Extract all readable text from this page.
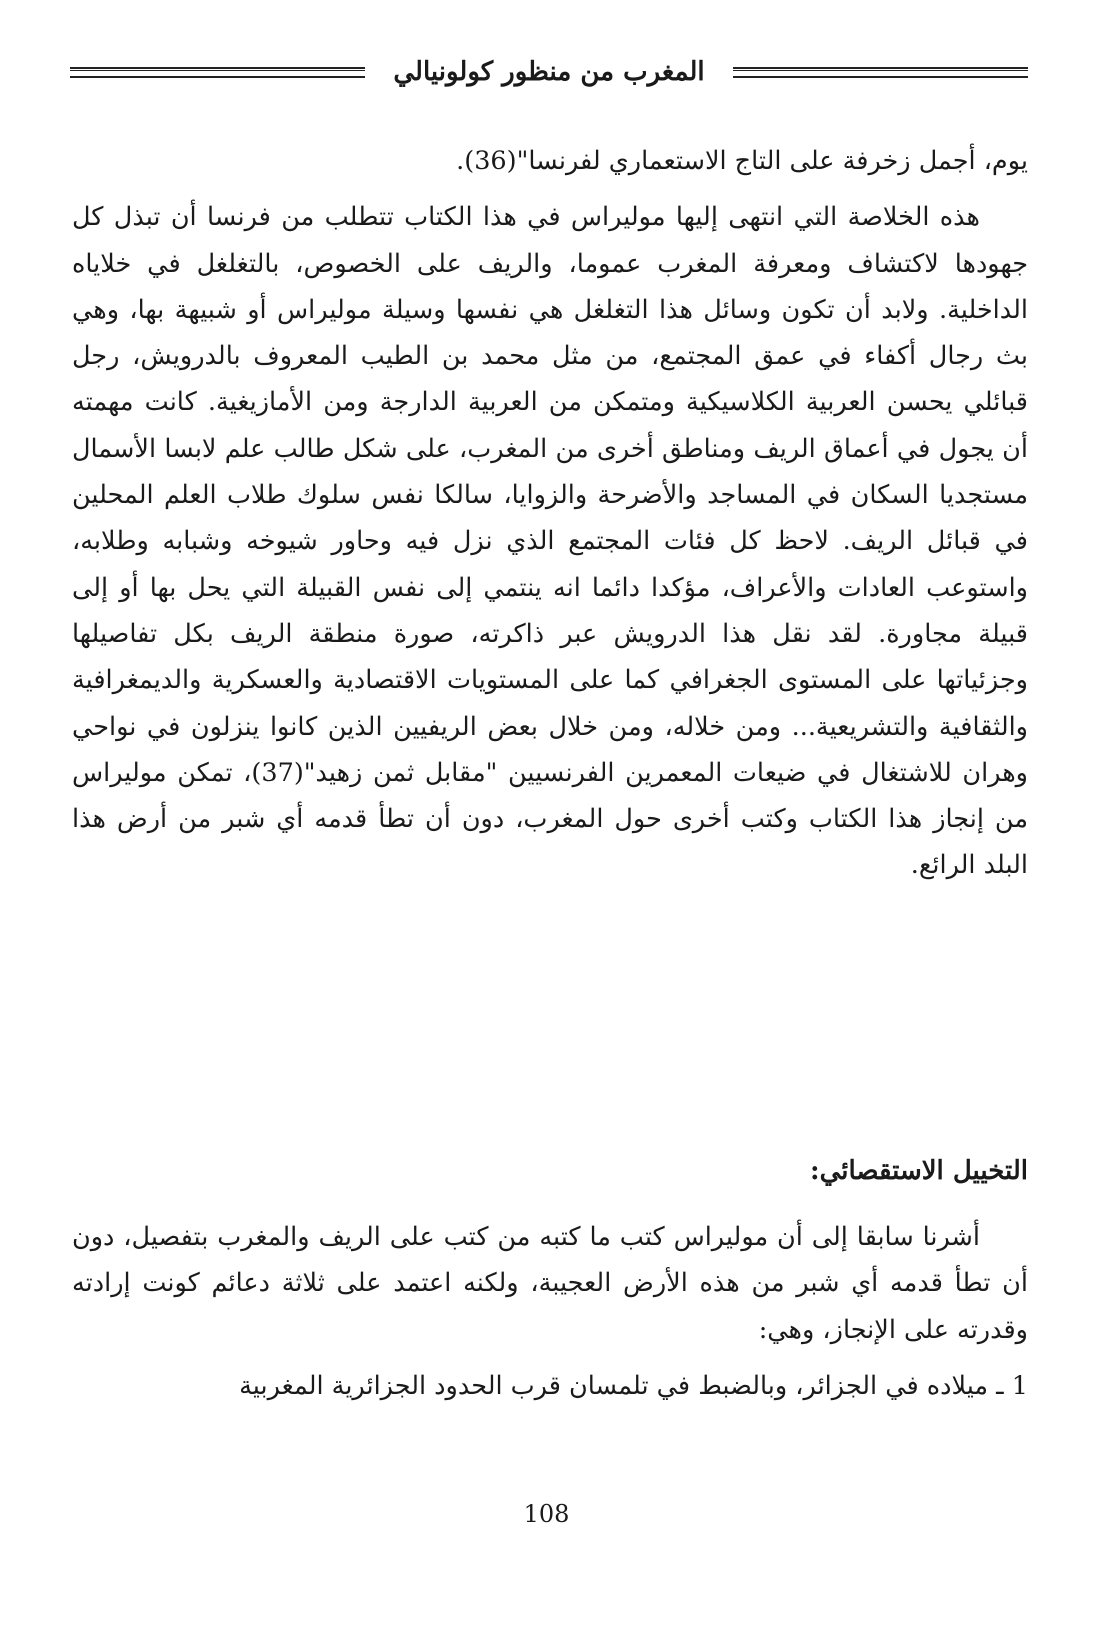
المغرب من منظور كولونيالي

يوم، أجمل زخرفة على التاج الاستعماري لفرنسا"(36).

هذه الخلاصة التي انتهى إليها موليراس في هذا الكتاب تتطلب من فرنسا أن تبذل كل جهودها لاكتشاف ومعرفة المغرب عموما، والريف على الخصوص، بالتغلغل في خلاياه الداخلية. ولابد أن تكون وسائل هذا التغلغل هي نفسها وسيلة موليراس أو شبيهة بها، وهي بث رجال أكفاء في عمق المجتمع، من مثل محمد بن الطيب المعروف بالدرويش، رجل قبائلي يحسن العربية الكلاسيكية ومتمكن من العربية الدارجة ومن الأمازيغية. كانت مهمته أن يجول في أعماق الريف ومناطق أخرى من المغرب، على شكل طالب علم لابسا الأسمال مستجديا السكان في المساجد والأضرحة والزوايا، سالكا نفس سلوك طلاب العلم المحلين في قبائل الريف. لاحظ كل فئات المجتمع الذي نزل فيه وحاور شيوخه وشبابه وطلابه، واستوعب العادات والأعراف، مؤكدا دائما انه ينتمي إلى نفس القبيلة التي يحل بها أو إلى قبيلة مجاورة. لقد نقل هذا الدرويش عبر ذاكرته، صورة منطقة الريف بكل تفاصيلها وجزئياتها على المستوى الجغرافي كما على المستويات الاقتصادية والعسكرية والديمغرافية والثقافية والتشريعية... ومن خلاله، ومن خلال بعض الريفيين الذين كانوا ينزلون في نواحي وهران للاشتغال في ضيعات المعمرين الفرنسيين "مقابل ثمن زهيد"(37)، تمكن موليراس من إنجاز هذا الكتاب وكتب أخرى حول المغرب، دون أن تطأ قدمه أي شبر من أرض هذا البلد الرائع.

التخييل الاستقصائي:

أشرنا سابقا إلى أن موليراس كتب ما كتبه من كتب على الريف والمغرب بتفصيل، دون أن تطأ قدمه أي شبر من هذه الأرض العجيبة، ولكنه اعتمد على ثلاثة دعائم كونت إرادته وقدرته على الإنجاز، وهي:

1 ـ ميلاده في الجزائر، وبالضبط في تلمسان قرب الحدود الجزائرية المغربية

108
